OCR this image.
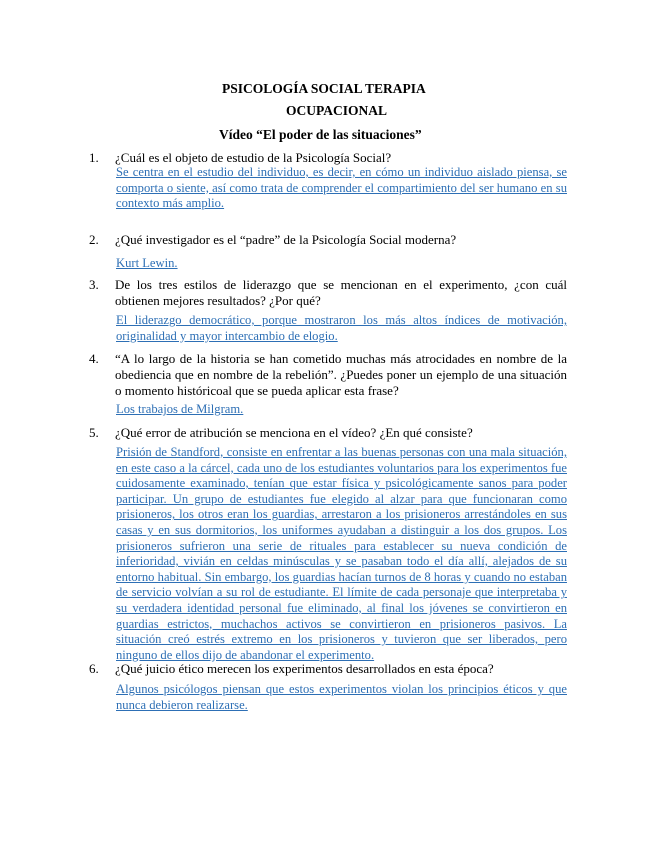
PSICOLOGÍA SOCIAL TERAPIA
OCUPACIONAL
Vídeo “El poder de las situaciones”
1. ¿Cuál es el objeto de estudio de la Psicología Social?
Se centra en el estudio del individuo, es decir, en cómo un individuo aislado piensa, se comporta o siente, así como trata de comprender el compartimiento del ser humano en su contexto más amplio.
2. ¿Qué investigador es el “padre” de la Psicología Social moderna?
Kurt Lewin.
3. De los tres estilos de liderazgo que se mencionan en el experimento, ¿con cuál obtienen mejores resultados? ¿Por qué?
El liderazgo democrático, porque mostraron los más altos índices de motivación, originalidad y mayor intercambio de elogio.
4. “A lo largo de la historia se han cometido muchas más atrocidades en nombre de la obediencia que en nombre de la rebelión”. ¿Puedes poner un ejemplo de una situación o momento históricoal que se pueda aplicar esta frase?
Los trabajos de Milgram.
5. ¿Qué error de atribución se menciona en el vídeo? ¿En qué consiste?
Prisión de Standford, consiste en enfrentar a las buenas personas con una mala situación, en este caso a la cárcel, cada uno de los estudiantes voluntarios para los experimentos fue cuidosamente examinado, tenían que estar física y psicológicamente sanos para poder participar. Un grupo de estudiantes fue elegido al alzar para que funcionaran como prisioneros, los otros eran los guardias, arrestaron a los prisioneros arrestándoles en sus casas y en sus dormitorios, los uniformes ayudaban a distinguir a los dos grupos. Los prisioneros sufrieron una serie de rituales para establecer su nueva condición de inferioridad, vivián en celdas minúsculas y se pasaban todo el día allí, alejados de su entorno habitual. Sin embargo, los guardias hacían turnos de 8 horas y cuando no estaban de servicio volvían a su rol de estudiante. El límite de cada personaje que interpretaba y su verdadera identidad personal fue eliminado, al final los jóvenes se convirtieron en guardias estrictos, muchachos activos se convirtieron en prisioneros pasivos. La situación creó estrés extremo en los prisioneros y tuvieron que ser liberados, pero ninguno de ellos dijo de abandonar el experimento.
6. ¿Qué juicio ético merecen los experimentos desarrollados en esta época?
Algunos psicólogos piensan que estos experimentos violan los principios éticos y que nunca debieron realizarse.
